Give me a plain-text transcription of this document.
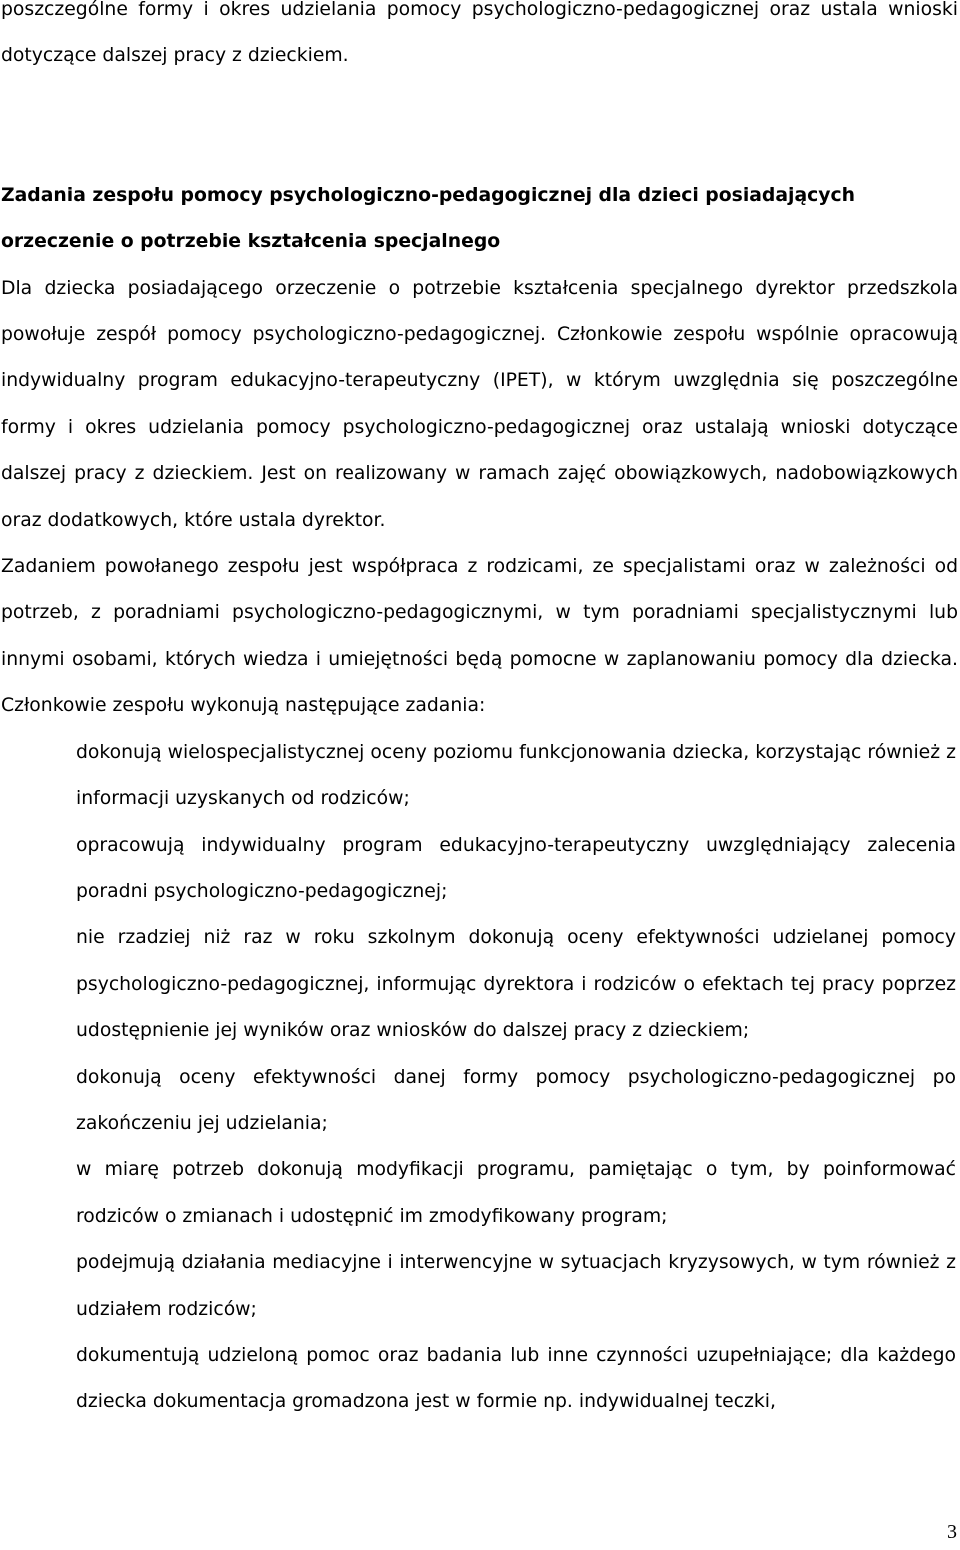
poszczególne formy i okres udzielania pomocy psychologiczno-pedagogicznej oraz ustala wnioski dotyczące dalszej pracy z dzieckiem.

Zadania zespołu pomocy psychologiczno-pedagogicznej dla dzieci posiadających orzeczenie o potrzebie kształcenia specjalnego

Dla dziecka posiadającego orzeczenie o potrzebie kształcenia specjalnego dyrektor przedszkola powołuje zespół pomocy psychologiczno-pedagogicznej. Członkowie zespołu wspólnie opracowują indywidualny program edukacyjno-terapeutyczny (IPET), w którym uwzględnia się poszczególne formy i okres udzielania pomocy psychologiczno-pedagogicznej oraz ustalają wnioski dotyczące dalszej pracy z dzieckiem. Jest on realizowany w ramach zajęć obowiązkowych, nadobowiązkowych oraz dodatkowych, które ustala dyrektor.

Zadaniem powołanego zespołu jest współpraca z rodzicami, ze specjalistami oraz w zależności od potrzeb, z poradniami psychologiczno-pedagogicznymi, w tym poradniami specjalistycznymi lub innymi osobami, których wiedza i umiejętności będą pomocne w zaplanowaniu pomocy dla dziecka. Członkowie zespołu wykonują następujące zadania:

dokonują wielospecjalistycznej oceny poziomu funkcjonowania dziecka, korzystając również z informacji uzyskanych od rodziców;
opracowują indywidualny program edukacyjno-terapeutyczny uwzględniający zalecenia poradni psychologiczno-pedagogicznej;
nie rzadziej niż raz w roku szkolnym dokonują oceny efektywności udzielanej pomocy psychologiczno-pedagogicznej, informując dyrektora i rodziców o efektach tej pracy poprzez udostępnienie jej wyników oraz wniosków do dalszej pracy z dzieckiem;
dokonują oceny efektywności danej formy pomocy psychologiczno-pedagogicznej po zakończeniu jej udzielania;
w miarę potrzeb dokonują modyfikacji programu, pamiętając o tym, by poinformować rodziców o zmianach i udostępnić im zmodyfikowany program;
podejmują działania mediacyjne i interwencyjne w sytuacjach kryzysowych, w tym również z udziałem rodziców;
dokumentują udzieloną pomoc oraz badania lub inne czynności uzupełniające; dla każdego dziecka dokumentacja gromadzona jest w formie np. indywidualnej teczki,
3
